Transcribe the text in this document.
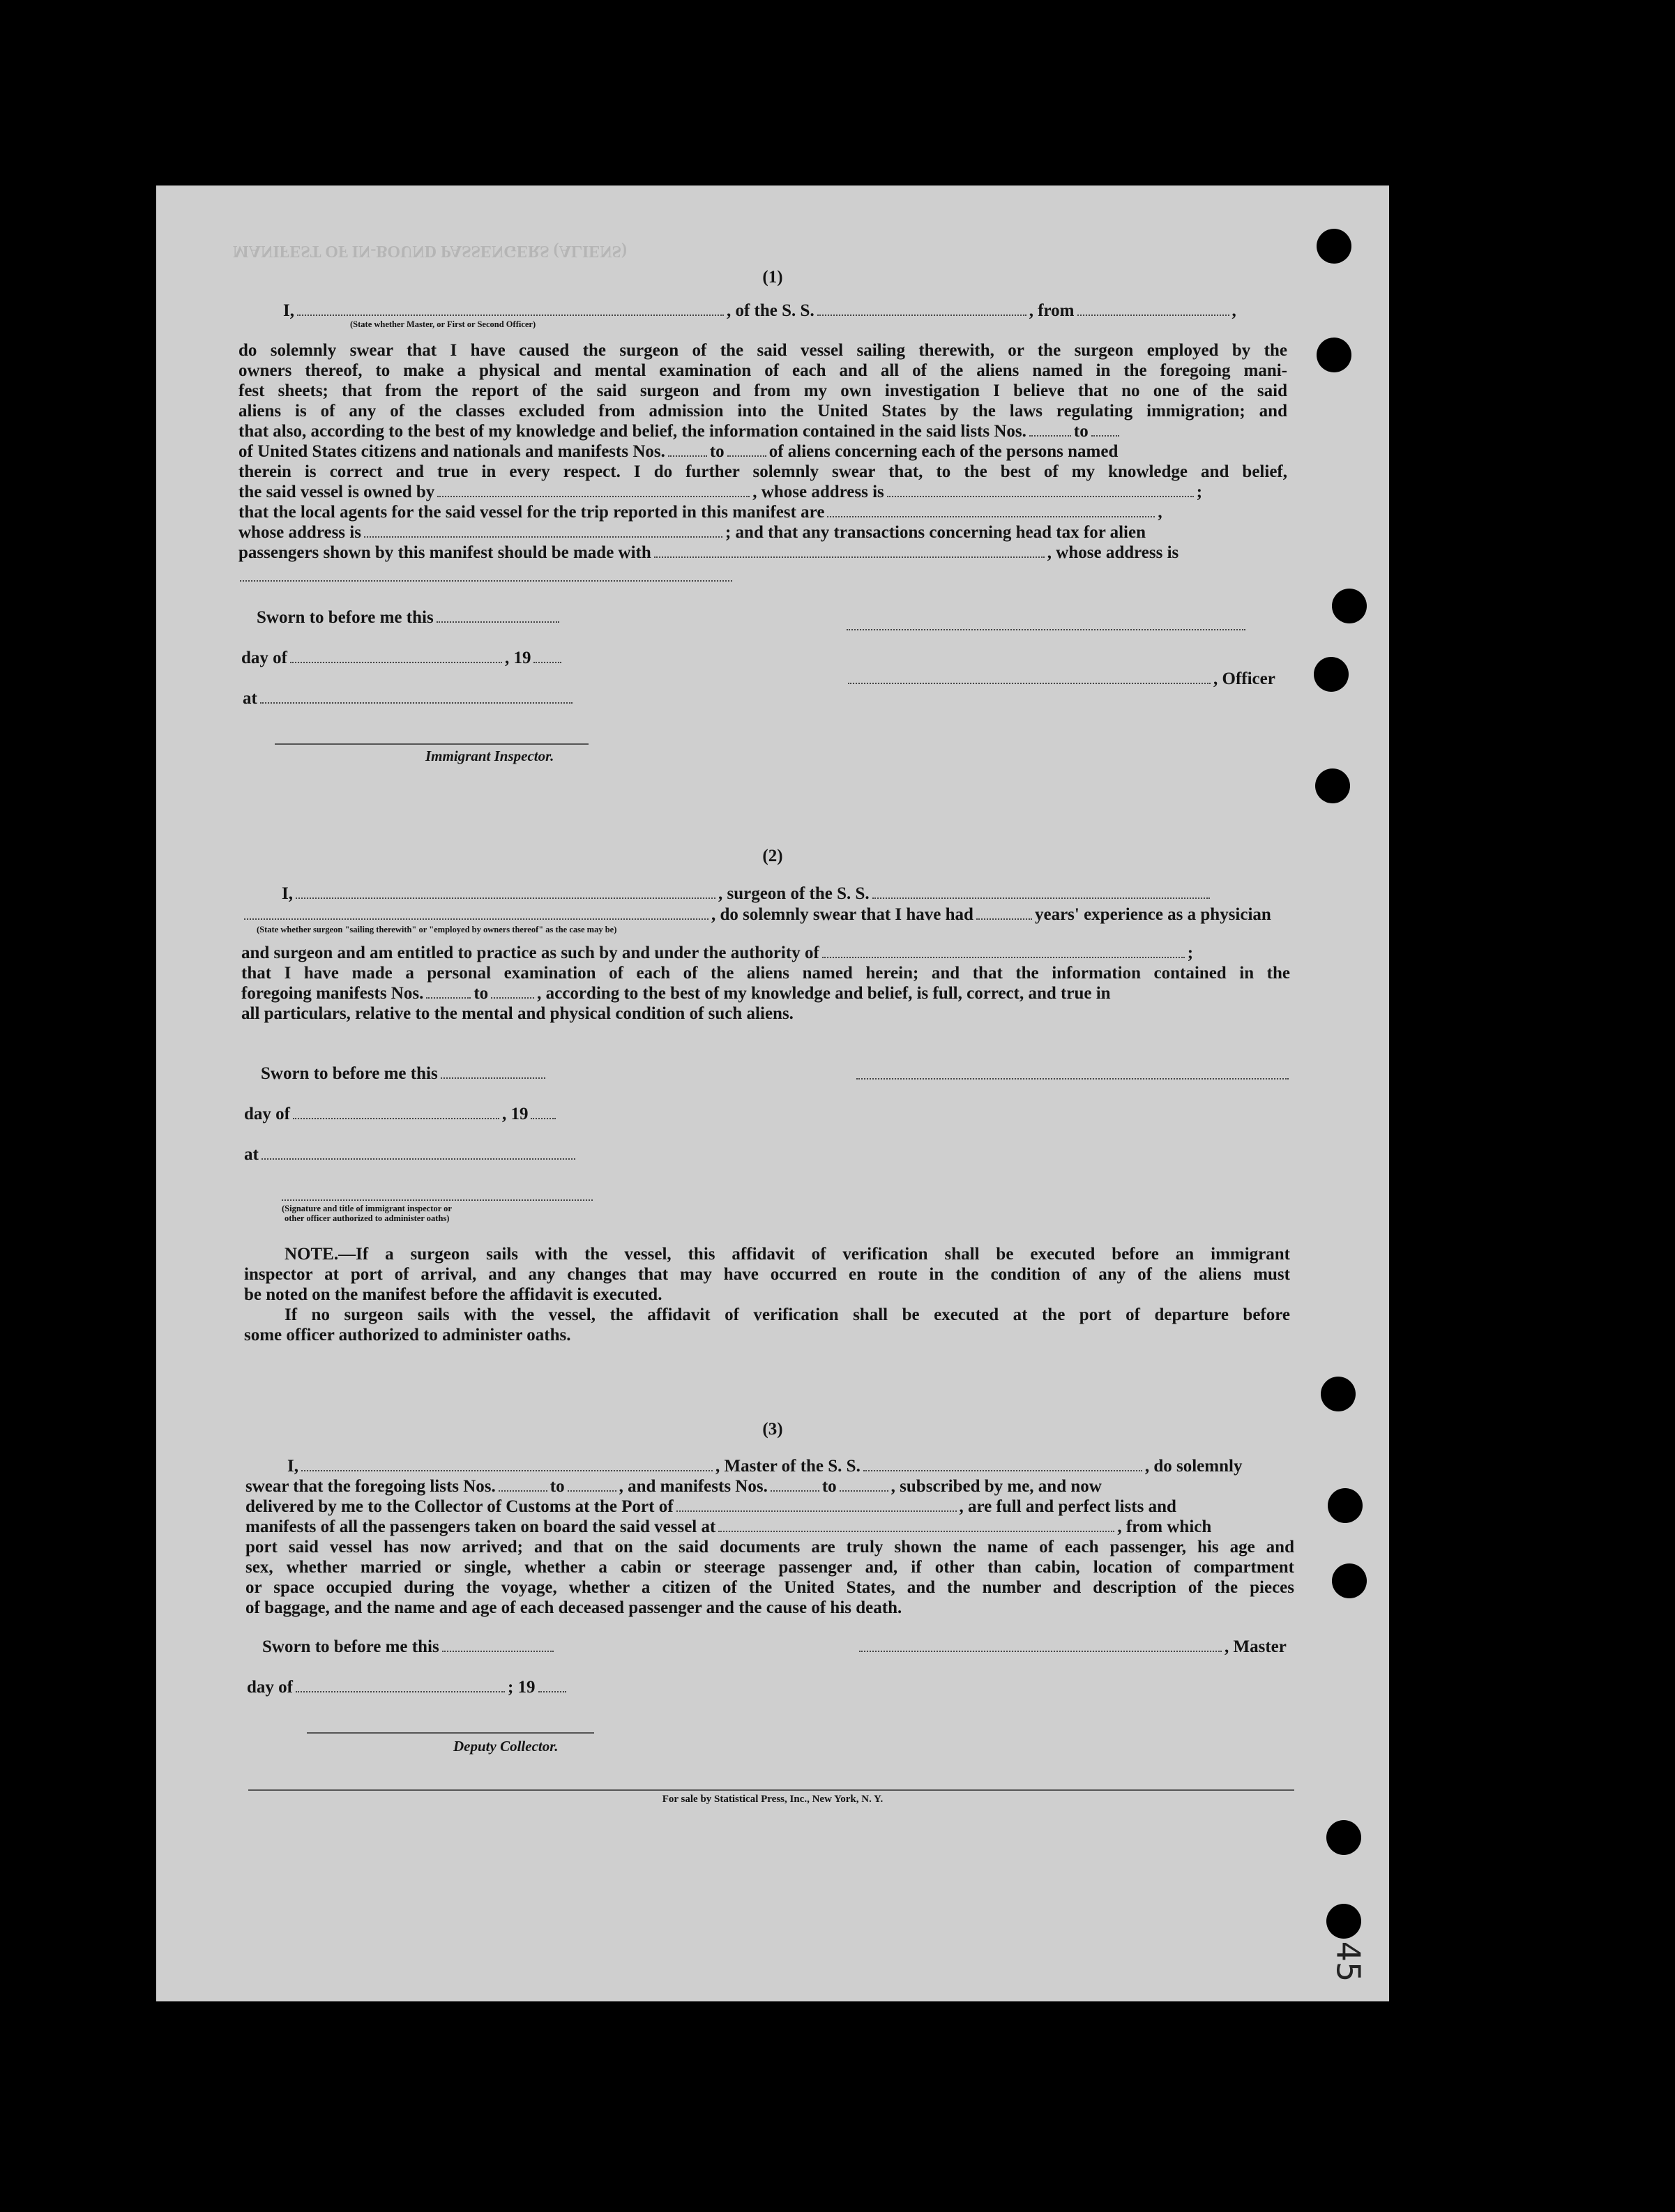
MANIFEST OF IN-BOUND PASSENGERS (ALIENS)
(1)
I,	, of the S. S.	, from	,
(State whether Master, or First or Second Officer)
do solemnly swear that I have caused the surgeon of the said vessel sailing therewith, or the surgeon employed by the
owners thereof, to make a physical and mental examination of each and all of the aliens named in the foregoing mani-
fest sheets; that from the report of the said surgeon and from my own investigation I believe that no one of the said
aliens is of any of the classes excluded from admission into the United States by the laws regulating immigration; and
that also, according to the best of my knowledge and belief, the information contained in the said lists Nos.	to
of United States citizens and nationals and manifests Nos.	to	of aliens concerning each of the persons named
therein is correct and true in every respect. I do further solemnly swear that, to the best of my knowledge and belief,
the said vessel is owned by	, whose address is	;
that the local agents for the said vessel for the trip reported in this manifest are	,
whose address is	; and that any transactions concerning head tax for alien
passengers shown by this manifest should be made with	, whose address is
Sworn to before me this
day of	, 19
at
Immigrant Inspector.
, Officer
(2)
I,	, surgeon of the S. S.
, do solemnly swear that I have had	years' experience as a physician
(State whether surgeon "sailing therewith" or "employed by owners thereof" as the case may be)
and surgeon and am entitled to practice as such by and under the authority of	;
that I have made a personal examination of each of the aliens named herein; and that the information contained in the
foregoing manifests Nos.	to	, according to the best of my knowledge and belief, is full, correct, and true in
all particulars, relative to the mental and physical condition of such aliens.
Sworn to before me this
day of	, 19
at
(Signature and title of immigrant inspector or
other officer authorized to administer oaths)
NOTE.—If a surgeon sails with the vessel, this affidavit of verification shall be executed before an immigrant
inspector at port of arrival, and any changes that may have occurred en route in the condition of any of the aliens must
be noted on the manifest before the affidavit is executed.
If no surgeon sails with the vessel, the affidavit of verification shall be executed at the port of departure before
some officer authorized to administer oaths.
(3)
I,	, Master of the S. S.	, do solemnly
swear that the foregoing lists Nos.	to	, and manifests Nos.	to	, subscribed by me, and now
delivered by me to the Collector of Customs at the Port of	, are full and perfect lists and
manifests of all the passengers taken on board the said vessel at	, from which
port said vessel has now arrived; and that on the said documents are truly shown the name of each passenger, his age and
sex, whether married or single, whether a cabin or steerage passenger and, if other than cabin, location of compartment
or space occupied during the voyage, whether a citizen of the United States, and the number and description of the pieces
of baggage, and the name and age of each deceased passenger and the cause of his death.
Sworn to before me this	, Master
day of	; 19
Deputy Collector.
For sale by Statistical Press, Inc., New York, N. Y.
45
